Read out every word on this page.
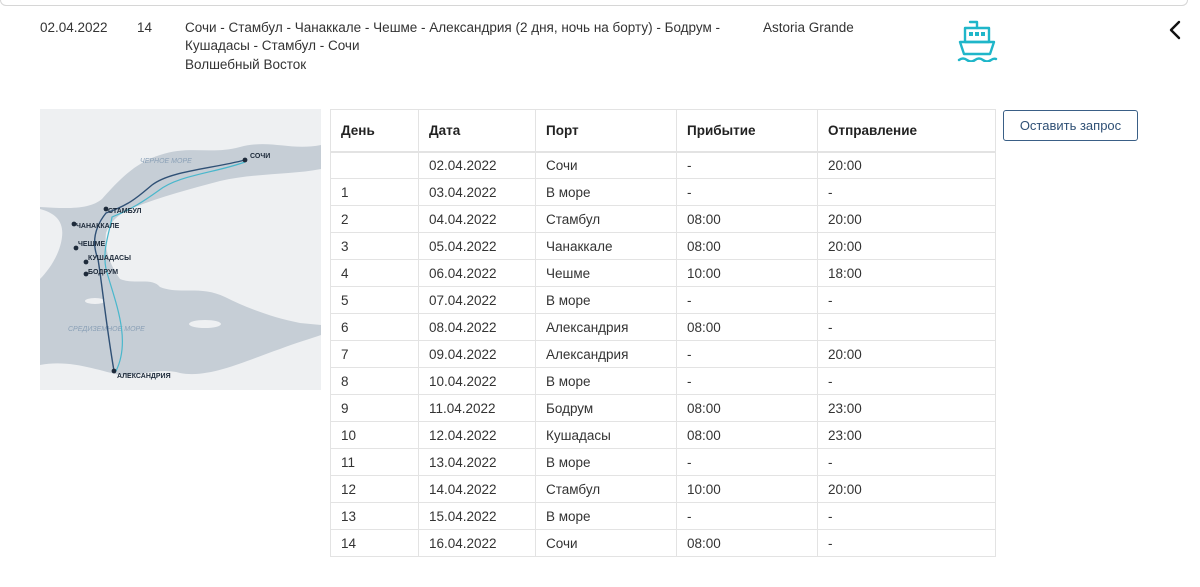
02.04.2022 14 Сочи - Стамбул - Чанаккале - Чешме - Александрия (2 дня, ночь на борту) - Бодрум - Кушадасы - Стамбул - Сочи
Волшебный Восток
Astoria Grande
ЧЕРНОЕ МОРЕ
СРЕДИЗЕМНОЕ МОРЕ
СОЧИ
СТАМБУЛ
ЧАНАККАЛЕ
ЧЕШМЕ
КУШАДАСЫ
БОДРУМ
АЛЕКСАНДРИЯ
День	Дата	Порт	Прибытие	Отправление
	02.04.2022	Сочи	-	20:00
1	03.04.2022	В море	-	-
2	04.04.2022	Стамбул	08:00	20:00
3	05.04.2022	Чанаккале	08:00	20:00
4	06.04.2022	Чешме	10:00	18:00
5	07.04.2022	В море	-	-
6	08.04.2022	Александрия	08:00	-
7	09.04.2022	Александрия	-	20:00
8	10.04.2022	В море	-	-
9	11.04.2022	Бодрум	08:00	23:00
10	12.04.2022	Кушадасы	08:00	23:00
11	13.04.2022	В море	-	-
12	14.04.2022	Стамбул	10:00	20:00
13	15.04.2022	В море	-	-
14	16.04.2022	Сочи	08:00	-
Оставить запрос
